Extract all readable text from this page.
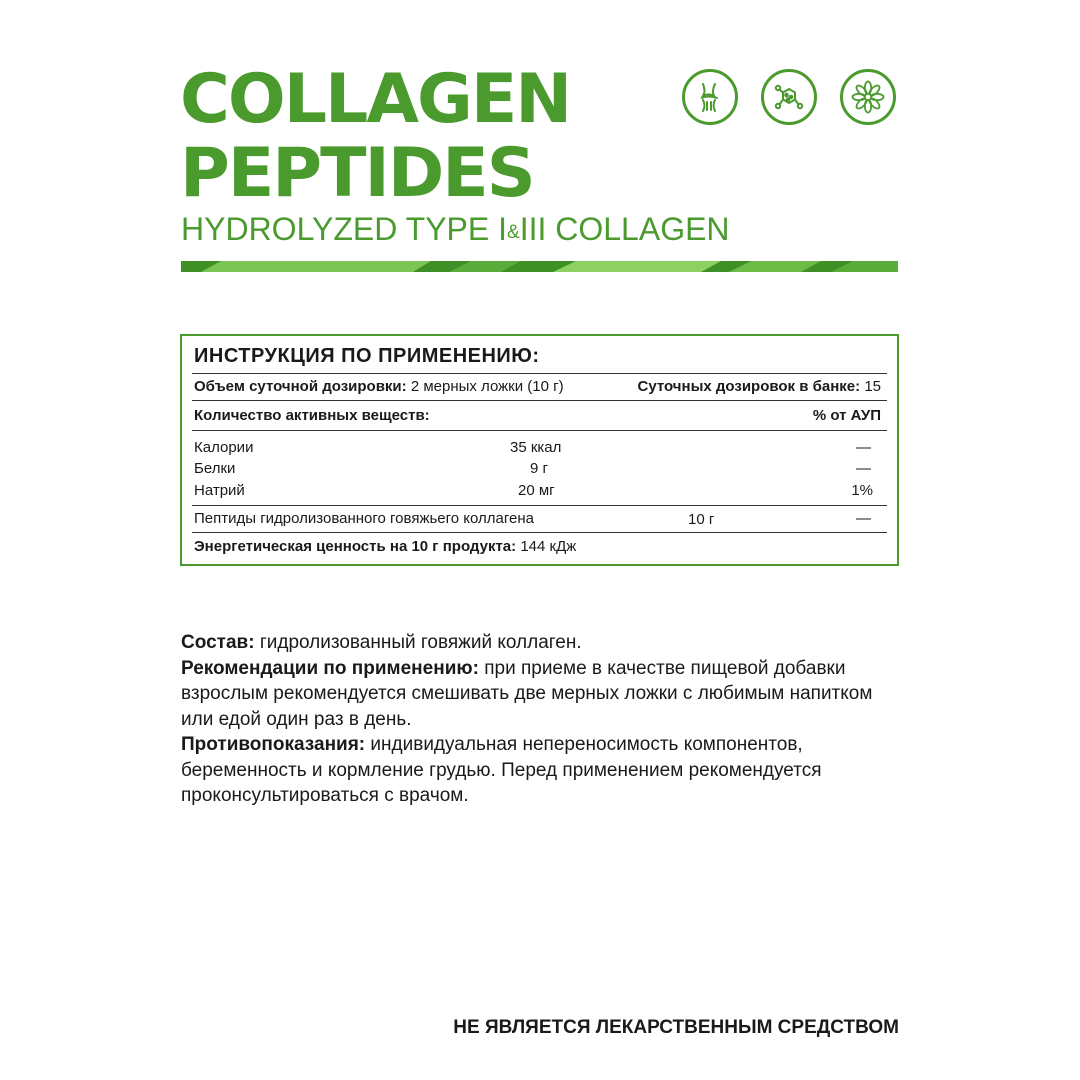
COLLAGEN
PEPTIDES
HYDROLYZED TYPE I&III COLLAGEN
ИНСТРУКЦИЯ ПО ПРИМЕНЕНИЮ:
Объем суточной дозировки: 2 мерных ложки (10 г)	Суточных дозировок в банке: 15
Количество активных веществ:	% от АУП
Калории	35 ккал	—
Белки	9 г	—
Натрий	20 мг	1%
Пептиды гидролизованного говяжьего коллагена	10 г	—
Энергетическая ценность на 10 г продукта: 144 кДж

Состав: гидролизованный говяжий коллаген.

Рекомендации по применению: при приеме в качестве пищевой добавки взрослым рекомендуется смешивать две мерных ложки с любимым напитком или едой один раз в день.

Противопоказания: индивидуальная непереносимость компонентов, беременность и кормление грудью. Перед применением рекомендуется проконсультироваться с врачом.

НЕ ЯВЛЯЕТСЯ ЛЕКАРСТВЕННЫМ СРЕДСТВОМ
